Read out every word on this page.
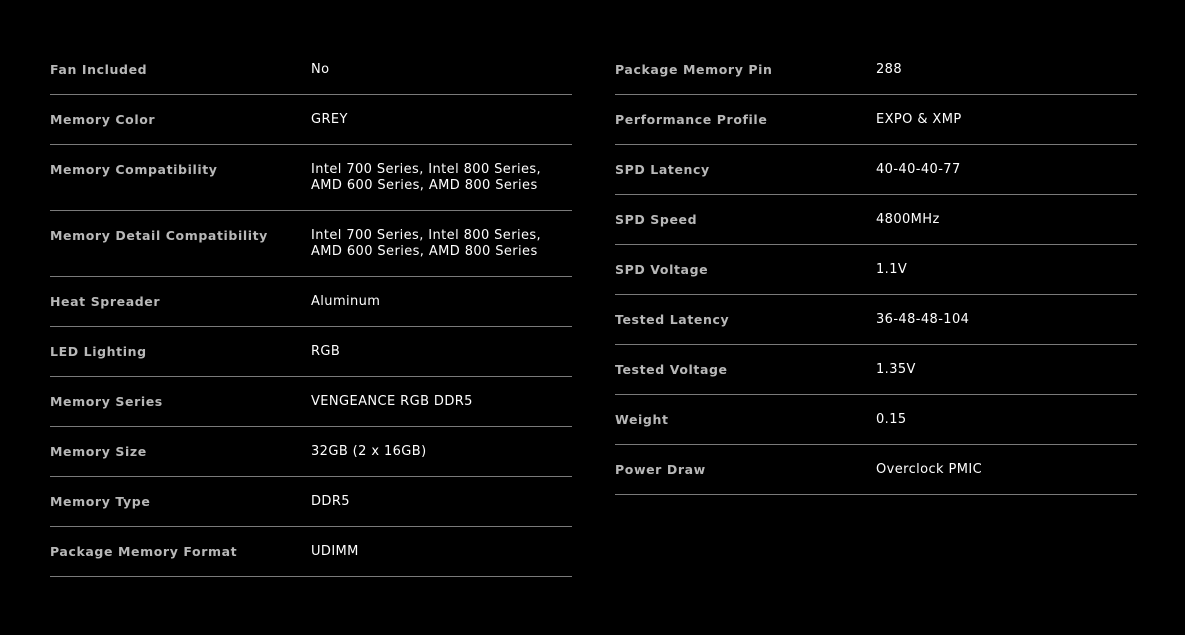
Fan Included	No
Memory Color	GREY
Memory Compatibility	Intel 700 Series, Intel 800 Series, AMD 600 Series, AMD 800 Series
Memory Detail Compatibility	Intel 700 Series, Intel 800 Series, AMD 600 Series, AMD 800 Series
Heat Spreader	Aluminum
LED Lighting	RGB
Memory Series	VENGEANCE RGB DDR5
Memory Size	32GB (2 x 16GB)
Memory Type	DDR5
Package Memory Format	UDIMM
Package Memory Pin	288
Performance Profile	EXPO & XMP
SPD Latency	40-40-40-77
SPD Speed	4800MHz
SPD Voltage	1.1V
Tested Latency	36-48-48-104
Tested Voltage	1.35V
Weight	0.15
Power Draw	Overclock PMIC
